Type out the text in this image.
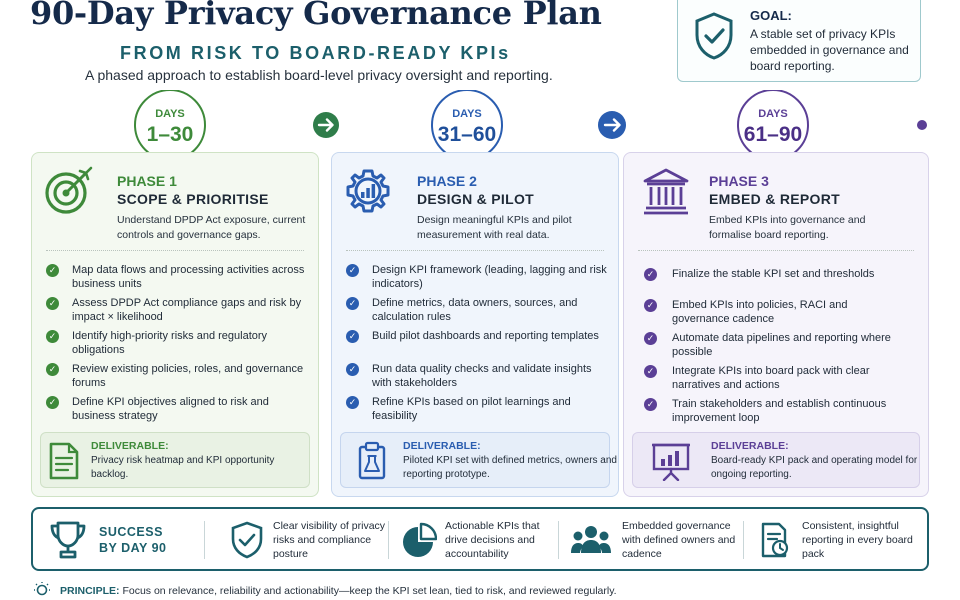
90-Day Privacy Governance Plan
FROM RISK TO BOARD-READY KPIs
A phased approach to establish board-level privacy oversight and reporting.
GOAL:
A stable set of privacy KPIs embedded in governance and board reporting.
DAYS
1–30
DAYS
31–60
DAYS
61–90
PHASE 1
SCOPE & PRIORITISE
Understand DPDP Act exposure, current controls and governance gaps.
✓ Map data flows and processing activities across business units
✓ Assess DPDP Act compliance gaps and risk by impact × likelihood
✓ Identify high-priority risks and regulatory obligations
✓ Review existing policies, roles, and governance forums
✓ Define KPI objectives aligned to risk and business strategy
DELIVERABLE:
Privacy risk heatmap and KPI opportunity backlog.
PHASE 2
DESIGN & PILOT
Design meaningful KPIs and pilot measurement with real data.
✓ Design KPI framework (leading, lagging and risk indicators)
✓ Define metrics, data owners, sources, and calculation rules
✓ Build pilot dashboards and reporting templates
✓ Run data quality checks and validate insights with stakeholders
✓ Refine KPIs based on pilot learnings and feasibility
DELIVERABLE:
Piloted KPI set with defined metrics, owners and reporting prototype.
PHASE 3
EMBED & REPORT
Embed KPIs into governance and formalise board reporting.
✓ Finalize the stable KPI set and thresholds
✓ Embed KPIs into policies, RACI and governance cadence
✓ Automate data pipelines and reporting where possible
✓ Integrate KPIs into board pack with clear narratives and actions
✓ Train stakeholders and establish continuous improvement loop
DELIVERABLE:
Board-ready KPI pack and operating model for ongoing reporting.
SUCCESS
BY DAY 90
Clear visibility of privacy risks and compliance posture
Actionable KPIs that drive decisions and accountability
Embedded governance with defined owners and cadence
Consistent, insightful reporting in every board pack
PRINCIPLE: Focus on relevance, reliability and actionability—keep the KPI set lean, tied to risk, and reviewed regularly.
